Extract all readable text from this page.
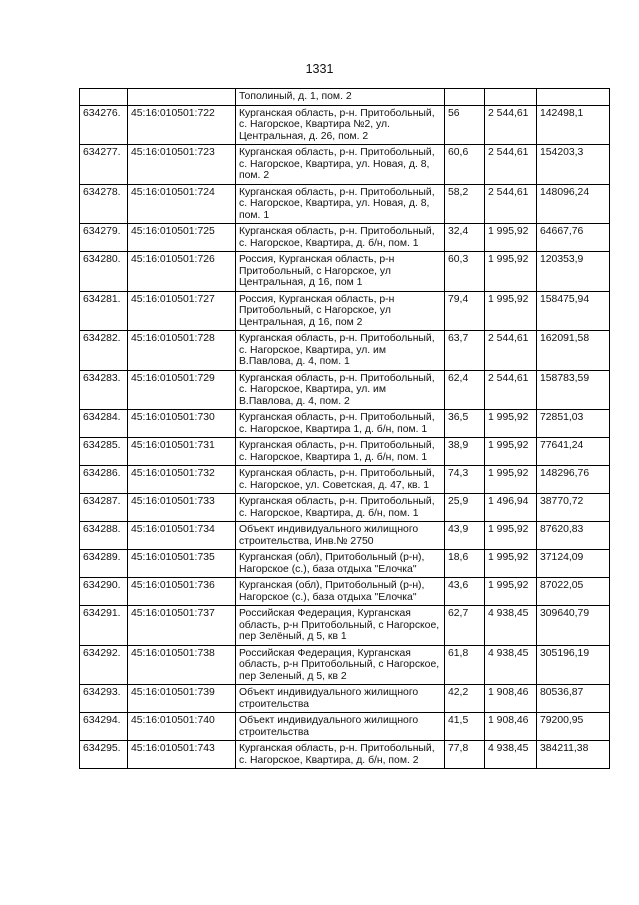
1331
		Тополиный, д. 1, пом. 2			
634276.	45:16:010501:722	Курганская область, р-н. Притобольный, с. Нагорское, Квартира №2, ул. Центральная, д. 26, пом. 2	56	2 544,61	142498,1
634277.	45:16:010501:723	Курганская область, р-н. Притобольный, с. Нагорское, Квартира, ул. Новая, д. 8, пом. 2	60,6	2 544,61	154203,3
634278.	45:16:010501:724	Курганская область, р-н. Притобольный, с. Нагорское, Квартира, ул. Новая, д. 8, пом. 1	58,2	2 544,61	148096,24
634279.	45:16:010501:725	Курганская область, р-н. Притобольный, с. Нагорское, Квартира, д. б/н, пом. 1	32,4	1 995,92	64667,76
634280.	45:16:010501:726	Россия, Курганская область, р-н Притобольный, с Нагорское, ул Центральная, д 16, пом 1	60,3	1 995,92	120353,9
634281.	45:16:010501:727	Россия, Курганская область, р-н Притобольный, с Нагорское, ул Центральная, д 16, пом 2	79,4	1 995,92	158475,94
634282.	45:16:010501:728	Курганская область, р-н. Притобольный, с. Нагорское, Квартира, ул. им В.Павлова, д. 4, пом. 1	63,7	2 544,61	162091,58
634283.	45:16:010501:729	Курганская область, р-н. Притобольный, с. Нагорское, Квартира, ул. им В.Павлова, д. 4, пом. 2	62,4	2 544,61	158783,59
634284.	45:16:010501:730	Курганская область, р-н. Притобольный, с. Нагорское, Квартира 1, д. б/н, пом. 1	36,5	1 995,92	72851,03
634285.	45:16:010501:731	Курганская область, р-н. Притобольный, с. Нагорское, Квартира 1, д. б/н, пом. 1	38,9	1 995,92	77641,24
634286.	45:16:010501:732	Курганская область, р-н. Притобольный, с. Нагорское, ул. Советская, д. 47, кв. 1	74,3	1 995,92	148296,76
634287.	45:16:010501:733	Курганская область, р-н. Притобольный, с. Нагорское, Квартира, д. б/н, пом. 1	25,9	1 496,94	38770,72
634288.	45:16:010501:734	Объект индивидуального жилищного строительства, Инв.№ 2750	43,9	1 995,92	87620,83
634289.	45:16:010501:735	Курганская (обл), Притобольный (р-н), Нагорское (с.), база отдыха "Елочка"	18,6	1 995,92	37124,09
634290.	45:16:010501:736	Курганская (обл), Притобольный (р-н), Нагорское (с.), база отдыха "Елочка"	43,6	1 995,92	87022,05
634291.	45:16:010501:737	Российская Федерация, Курганская область, р-н Притобольный, с Нагорское, пер Зелёный, д 5, кв 1	62,7	4 938,45	309640,79
634292.	45:16:010501:738	Российская Федерация, Курганская область, р-н Притобольный, с Нагорское, пер Зеленый, д 5, кв 2	61,8	4 938,45	305196,19
634293.	45:16:010501:739	Объект индивидуального жилищного строительства	42,2	1 908,46	80536,87
634294.	45:16:010501:740	Объект индивидуального жилищного строительства	41,5	1 908,46	79200,95
634295.	45:16:010501:743	Курганская область, р-н. Притобольный, с. Нагорское, Квартира, д. б/н, пом. 2	77,8	4 938,45	384211,38
